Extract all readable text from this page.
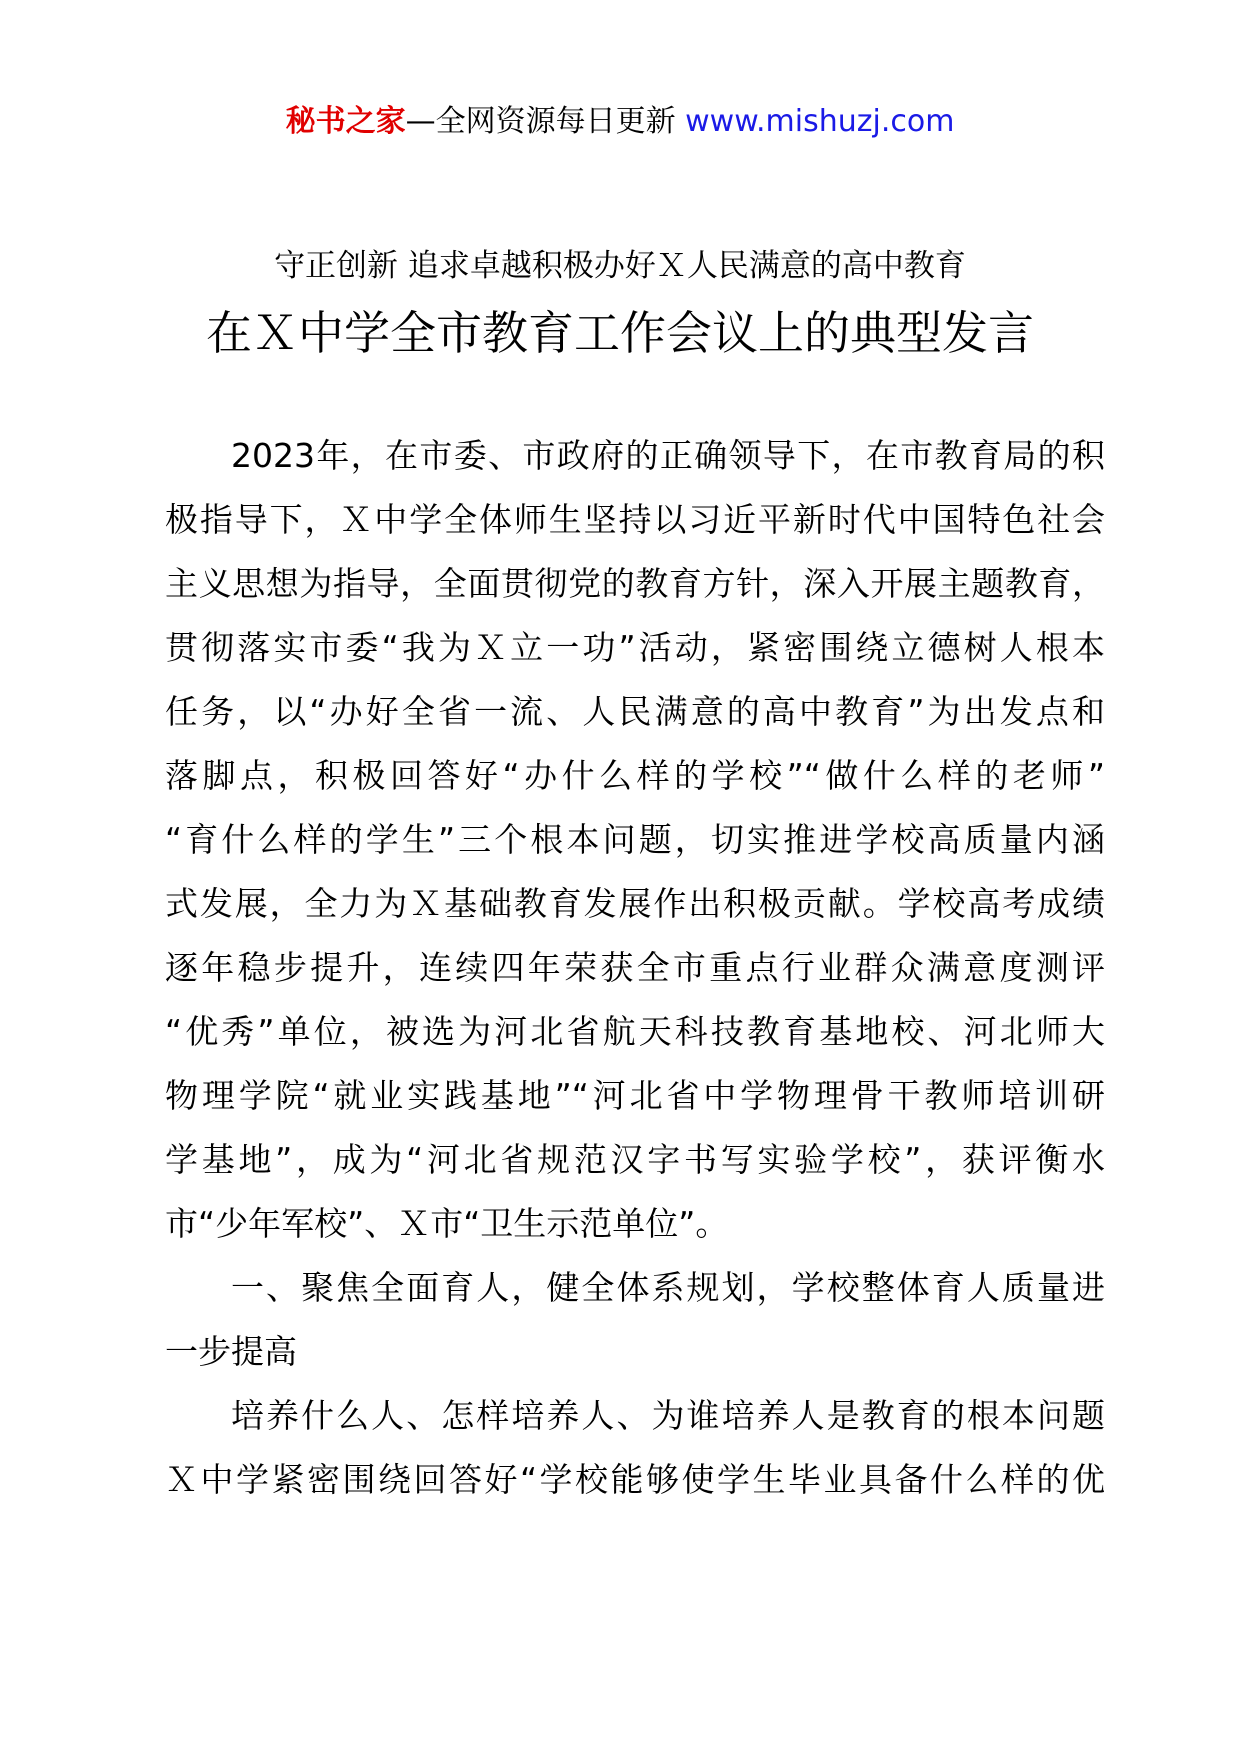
秘书之家—全网资源每日更新 www.mishuzj.com
守正创新 追求卓越积极办好Ｘ人民满意的高中教育
在Ｘ中学全市教育工作会议上的典型发言
2023年，在市委、市政府的正确领导下，在市教育局的积
极指导下，Ｘ中学全体师生坚持以习近平新时代中国特色社会
主义思想为指导，全面贯彻党的教育方针，深入开展主题教育，
贯彻落实市委“我为Ｘ立一功”活动，紧密围绕立德树人根本
任务，以“办好全省一流、人民满意的高中教育”为出发点和
落脚点，积极回答好“办什么样的学校”“做什么样的老师”
“育什么样的学生”三个根本问题，切实推进学校高质量内涵
式发展，全力为Ｘ基础教育发展作出积极贡献。学校高考成绩
逐年稳步提升，连续四年荣获全市重点行业群众满意度测评
“优秀”单位，被选为河北省航天科技教育基地校、河北师大
物理学院“就业实践基地”“河北省中学物理骨干教师培训研
学基地”，成为“河北省规范汉字书写实验学校”，获评衡水
市“少年军校”、Ｘ市“卫生示范单位”。
一、聚焦全面育人，健全体系规划，学校整体育人质量进
一步提高
培养什么人、怎样培养人、为谁培养人是教育的根本问题
Ｘ中学紧密围绕回答好“学校能够使学生毕业具备什么样的优
